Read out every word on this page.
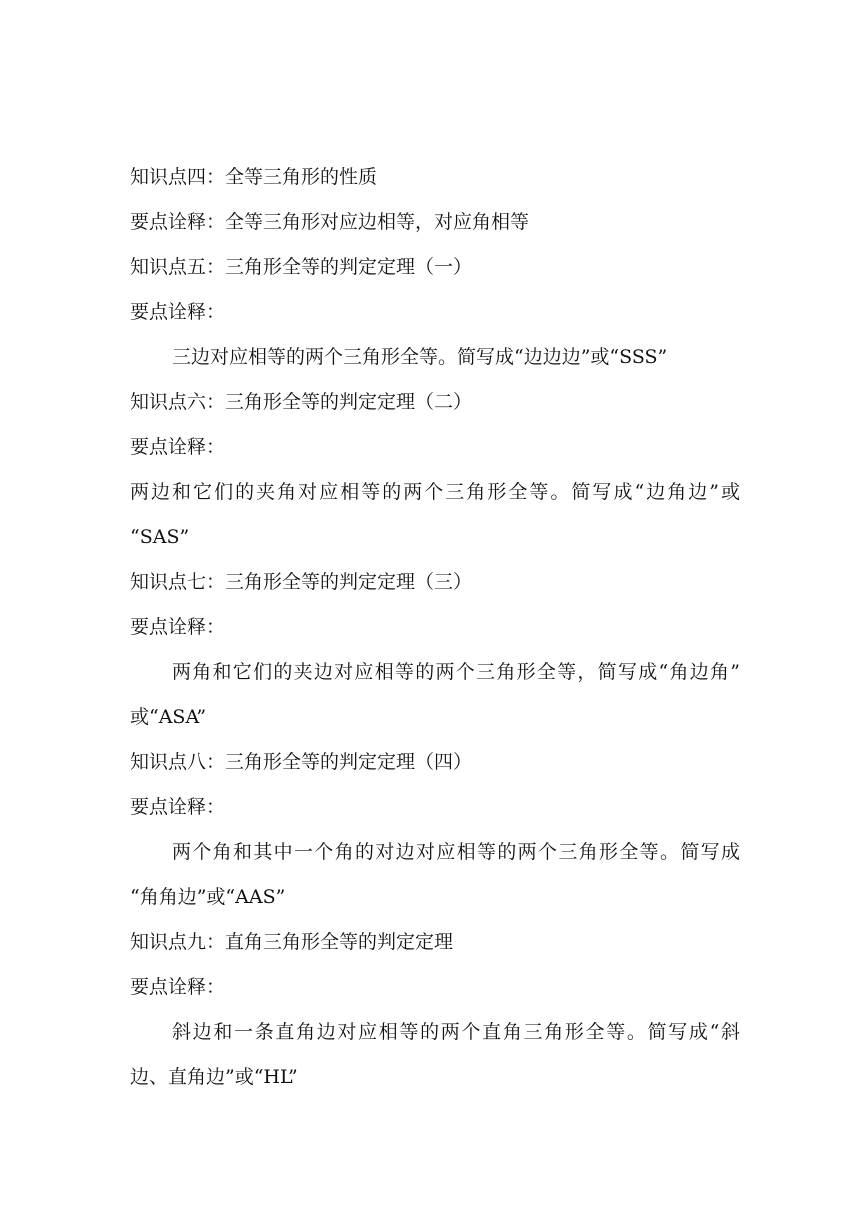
知识点四：全等三角形的性质
要点诠释：全等三角形对应边相等，对应角相等
知识点五：三角形全等的判定定理（一）
要点诠释：
三边对应相等的两个三角形全等。简写成“边边边”或“SSS”
知识点六：三角形全等的判定定理（二）
要点诠释：
两边和它们的夹角对应相等的两个三角形全等。简写成“边角边”或
“SAS”
知识点七：三角形全等的判定定理（三）
要点诠释：
两角和它们的夹边对应相等的两个三角形全等，简写成“角边角”
或“ASA”
知识点八：三角形全等的判定定理（四）
要点诠释：
两个角和其中一个角的对边对应相等的两个三角形全等。简写成
“角角边”或“AAS”
知识点九：直角三角形全等的判定定理
要点诠释：
斜边和一条直角边对应相等的两个直角三角形全等。简写成“斜
边、直角边”或“HL”
